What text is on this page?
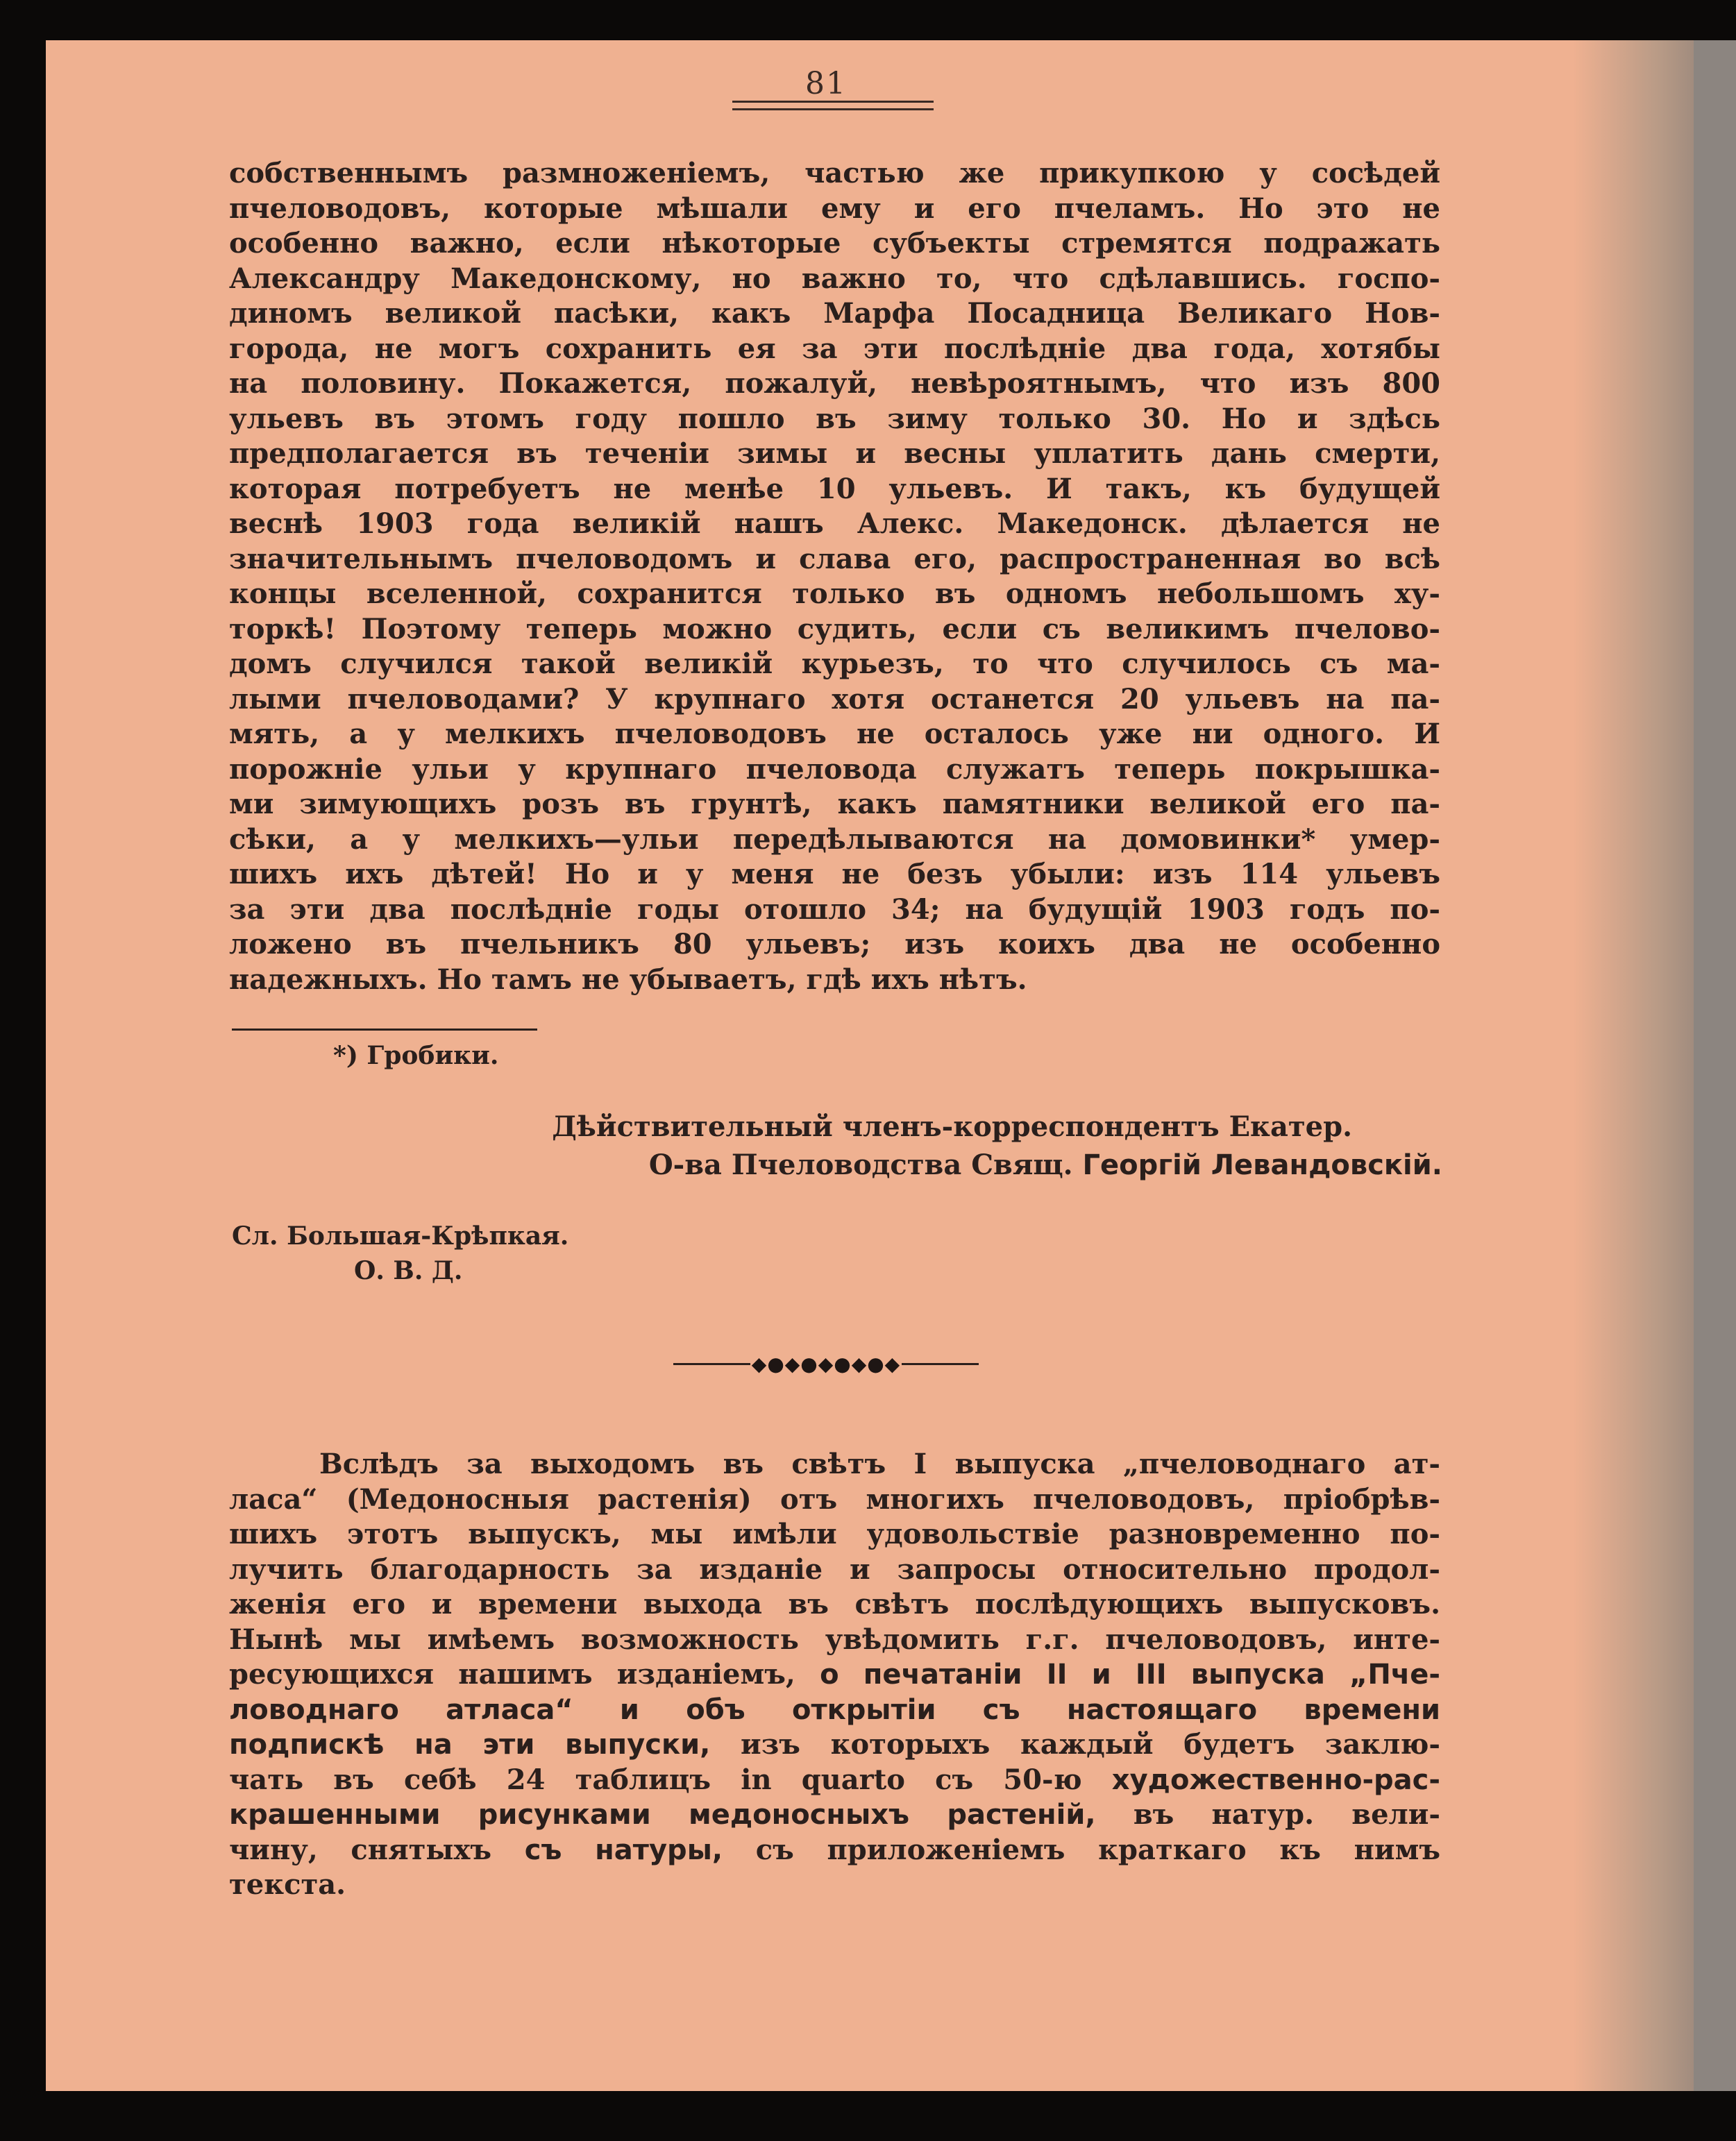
81
собственнымъ размноженіемъ, частью же прикупкою у сосѣдей
пчеловодовъ, которые мѣшали ему и его пчеламъ. Но это не
особенно важно, если нѣкоторые субъекты стремятся подражать
Александру Македонскому, но важно то, что сдѣлавшись. госпо-
диномъ великой пасѣки, какъ Марфа Посадница Великаго Нов-
города, не могъ сохранить ея за эти послѣдніе два года, хотябы
на половину. Покажется, пожалуй, невѣроятнымъ, что изъ 800
ульевъ въ этомъ году пошло въ зиму только 30. Но и здѣсь
предполагается въ теченіи зимы и весны уплатить дань смерти,
которая потребуетъ не менѣе 10 ульевъ. И такъ, къ будущей
веснѣ 1903 года великій нашъ Алекс. Македонск. дѣлается не
значительнымъ пчеловодомъ и слава его, распространенная во всѣ
концы вселенной, сохранится только въ одномъ небольшомъ ху-
торкѣ! Поэтому теперь можно судить, если съ великимъ пчеловo-
домъ случился такой великій курьезъ, то что случилось съ ма-
лыми пчеловодами? У крупнаго хотя останется 20 ульевъ на па-
мять, а у мелкихъ пчеловодовъ не осталось уже ни одного. И
порожніе ульи у крупнаго пчеловода служатъ теперь покрышка-
ми зимующихъ розъ въ грунтѣ, какъ памятники великой его па-
сѣки, а у мелкихъ—ульи передѣлываются на домовинки* умер-
шихъ ихъ дѣтей! Но и у меня не безъ убыли: изъ 114 ульевъ
за эти два послѣдніе годы отошло 34; на будущій 1903 годъ по-
ложено въ пчельникъ 80 ульевъ; изъ коихъ два не особенно
надежныхъ. Но тамъ не убываетъ, гдѣ ихъ нѣтъ.
*) Гробики.
Дѣйствительный членъ-корреспондентъ Екатер.
О-ва Пчеловодства Свящ. Георгій Левандовскій.
Сл. Большая-Крѣпкая.
О. В. Д.
◆●◆●◆●◆●◆
Вслѣдъ за выходомъ въ свѣтъ I выпуска „пчеловоднаго ат-
ласа“ (Медоносныя растенія) отъ многихъ пчеловодовъ, пріобрѣв-
шихъ этотъ выпускъ, мы имѣли удовольствіе разновременно по-
лучить благодарность за изданіе и запросы относительно продол-
женія его и времени выхода въ свѣтъ послѣдующихъ выпусковъ.
Нынѣ мы имѣемъ возможность увѣдомить г.г. пчеловодовъ, инте-
ресующихся нашимъ изданіемъ, о печатаніи II и III выпуска „Пче-
ловоднаго атласа“ и объ открытіи съ настоящаго времени
подпискѣ на эти выпуски, изъ которыхъ каждый будетъ заклю-
чать въ себѣ 24 таблицъ in quarto съ 50-ю художественно-рас-
крашенными рисунками медоносныхъ растеній, въ натур. вели-
чину, снятыхъ съ натуры, съ приложеніемъ краткаго къ нимъ
текста.
